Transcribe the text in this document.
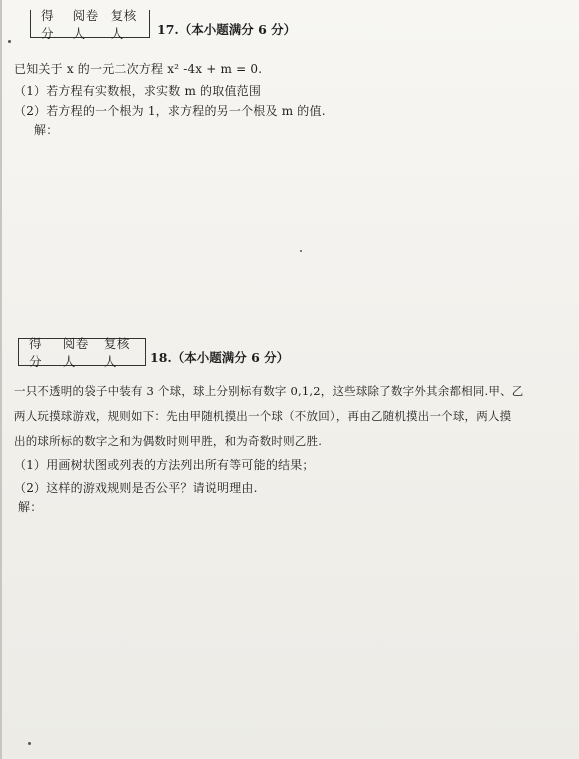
得 分
阅卷人
复核人	17.（本小题满分 6 分）
已知关于 x 的一元二次方程 x² -4x + m = 0.
（1）若方程有实数根，求实数 m 的取值范围
（2）若方程的一个根为 1，求方程的另一个根及 m 的值.
解：
得 分
阅卷人
复核人	18.（本小题满分 6 分）
一只不透明的袋子中装有 3 个球，球上分别标有数字 0,1,2，这些球除了数字外其余都相同.甲、乙
两人玩摸球游戏，规则如下：先由甲随机摸出一个球（不放回），再由乙随机摸出一个球，两人摸
出的球所标的数字之和为偶数时则甲胜，和为奇数时则乙胜.
（1）用画树状图或列表的方法列出所有等可能的结果；
（2）这样的游戏规则是否公平？请说明理由.
解：
